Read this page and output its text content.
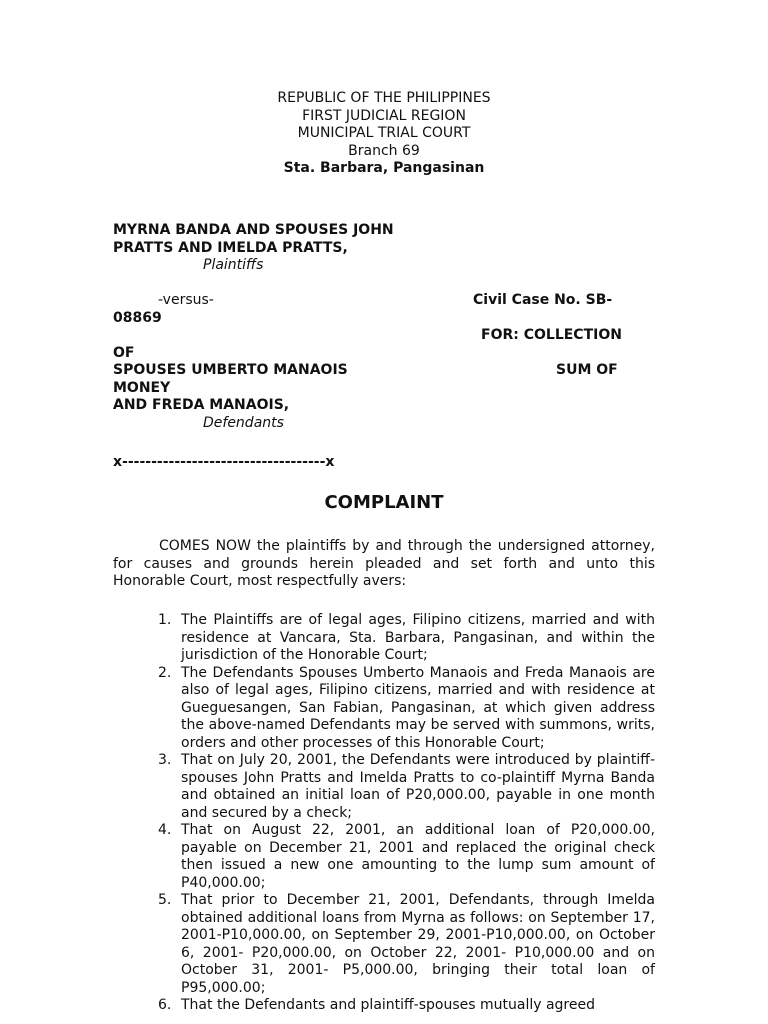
REPUBLIC OF THE PHILIPPINES
FIRST JUDICIAL REGION
MUNICIPAL TRIAL COURT
Branch 69
Sta. Barbara, Pangasinan
MYRNA BANDA AND SPOUSES JOHN
PRATTS AND IMELDA PRATTS,
Plaintiffs
-versus-	Civil Case No. SB-
08869
FOR: COLLECTION
OF
SPOUSES UMBERTO MANAOIS	SUM OF
MONEY
AND FREDA MANAOIS,
Defendants
x-----------------------------------x
COMPLAINT

COMES NOW the plaintiffs by and through the undersigned attorney, for causes and grounds herein pleaded and set forth and unto this Honorable Court, most respectfully avers:

1. The Plaintiffs are of legal ages, Filipino citizens, married and with residence at Vancara, Sta. Barbara, Pangasinan, and within the jurisdiction of the Honorable Court;
2. The Defendants Spouses Umberto Manaois and Freda Manaois are also of legal ages, Filipino citizens, married and with residence at Gueguesangen, San Fabian, Pangasinan, at which given address the above-named Defendants may be served with summons, writs, orders and other processes of this Honorable Court;
3. That on July 20, 2001, the Defendants were introduced by plaintiff-spouses John Pratts and Imelda Pratts to co-plaintiff Myrna Banda and obtained an initial loan of P20,000.00, payable in one month and secured by a check;
4. That on August 22, 2001, an additional loan of P20,000.00, payable on December 21, 2001 and replaced the original check then issued a new one amounting to the lump sum amount of P40,000.00;
5. That prior to December 21, 2001, Defendants, through Imelda obtained additional loans from Myrna as follows: on September 17, 2001-P10,000.00, on September 29, 2001-P10,000.00, on October 6, 2001- P20,000.00, on October 22, 2001- P10,000.00 and on October 31, 2001- P5,000.00, bringing their total loan of P95,000.00;
6. That the Defendants and plaintiff-spouses mutually agreed
